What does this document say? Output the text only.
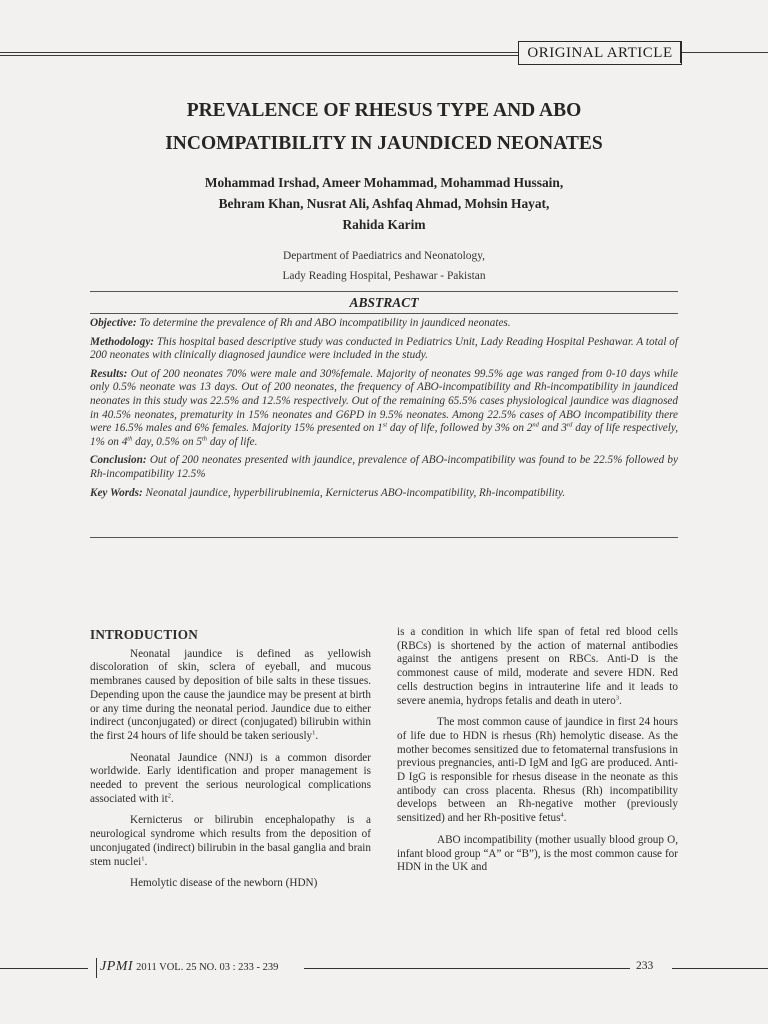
ORIGINAL ARTICLE
PREVALENCE OF RHESUS TYPE AND ABO
INCOMPATIBILITY IN JAUNDICED NEONATES
Mohammad Irshad, Ameer Mohammad, Mohammad Hussain,
Behram Khan, Nusrat Ali, Ashfaq Ahmad, Mohsin Hayat,
Rahida Karim
Department of Paediatrics and Neonatology,
Lady Reading Hospital, Peshawar - Pakistan
ABSTRACT

Objective: To determine the prevalence of Rh and ABO incompatibility in jaundiced neonates.

Methodology: This hospital based descriptive study was conducted in Pediatrics Unit, Lady Reading Hospital Peshawar. A total of 200 neonates with clinically diagnosed jaundice were included in the study.

Results: Out of 200 neonates 70% were male and 30%female. Majority of neonates 99.5% age was ranged from 0-10 days while only 0.5% neonate was 13 days. Out of 200 neonates, the frequency of ABO-incompatibility and Rh-incompatibility in jaundiced neonates in this study was 22.5% and 12.5% respectively. Out of the remaining 65.5% cases physiological jaundice was diagnosed in 40.5% neonates, prematurity in 15% neonates and G6PD in 9.5% neonates. Among 22.5% cases of ABO incompatibility there were 16.5% males and 6% females. Majority 15% presented on 1st day of life, followed by 3% on 2nd and 3rd day of life respectively, 1% on 4th day, 0.5% on 5th day of life.

Conclusion: Out of 200 neonates presented with jaundice, prevalence of ABO-incompatibility was found to be 22.5% followed by Rh-incompatibility 12.5%

Key Words: Neonatal jaundice, hyperbilirubinemia, Kernicterus ABO-incompatibility, Rh-incompatibility.

INTRODUCTION

Neonatal jaundice is defined as yellowish discoloration of skin, sclera of eyeball, and mucous membranes caused by deposition of bile salts in these tissues. Depending upon the cause the jaundice may be present at birth or any time during the neonatal period. Jaundice due to either indirect (unconjugated) or direct (conjugated) bilirubin within the first 24 hours of life should be taken seriously$^1$.

Neonatal Jaundice (NNJ) is a common disorder worldwide. Early identification and proper management is needed to prevent the serious neurological complications associated with $it^2$.

Kernicterus or bilirubin encephalopathy is a neurological syndrome which results from the deposition of unconjugated (indirect) bilirubin in the basal ganglia and brain stem nuclei$^1$.

Hemolytic disease of the newborn (HDN)

is a condition in which life span of fetal red blood cells (RBCs) is shortened by the action of maternal antibodies against the antigens present on RBCs. Anti-D is the commonest cause of mild, moderate and severe HDN. Red cells destruction begins in intrauterine life and it leads to severe anemia, hydrops fetalis and death in utero$^3$.

The most common cause of jaundice in first 24 hours of life due to HDN is rhesus (Rh) hemolytic disease. As the mother becomes sensitized due to fetomaternal transfusions in previous pregnancies, anti-D IgM and IgG are produced. Anti-D IgG is responsible for rhesus disease in the neonate as this antibody can cross placenta. Rhesus (Rh) incompatibility develops between an Rh-negative mother (previously sensitized) and her Rh-positive fetus$^4$.

ABO incompatibility (mother usually blood group O, infant blood group “A” or “B”), is the most common cause for HDN in the UK and

JPMI 2011 VOL. 25 NO. 03 : 233 - 239	233
